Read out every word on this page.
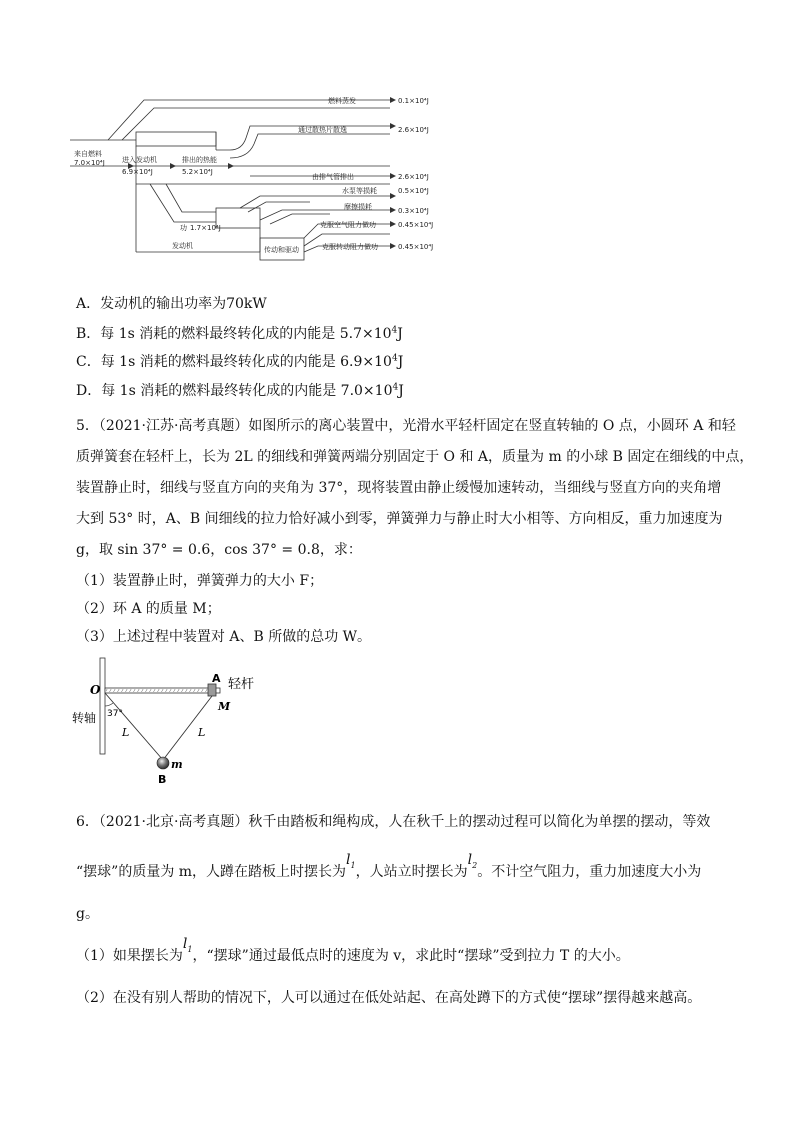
来自燃料
7.0×10⁴J 进入发动机
6.9×10⁴J
排出的热能
5.2×10⁴J
功 1.7×10⁴J
发动机	传动和驱动
燃料蒸发	0.1×10⁴J
通过散热片散逸	2.6×10⁴J
由排气管排出	2.6×10⁴J
水泵等损耗	0.5×10⁴J
摩擦损耗	0.3×10⁴J
克服空气阻力做功	0.45×10⁴J
克服转动阻力做功	0.45×10⁴J
A．发动机的输出功率为70kW
B．每 1s 消耗的燃料最终转化成的内能是 $5.7\times 10^4J$
C．每 1s 消耗的燃料最终转化成的内能是 $6.9\times 10^4J$
D．每 1s 消耗的燃料最终转化成的内能是 $7.0\times 10^4J$
5．（2021·江苏·高考真题）如图所示的离心装置中，光滑水平轻杆固定在竖直转轴的 O 点，小圆环 A 和轻
质弹簧套在轻杆上，长为 2L 的细线和弹簧两端分别固定于 O 和 A，质量为 m 的小球 B 固定在细线的中点，
装置静止时，细线与竖直方向的夹角为 37°，现将装置由静止缓慢加速转动，当细线与竖直方向的夹角增
大到 53° 时，A、B 间细线的拉力恰好减小到零，弹簧弹力与静止时大小相等、方向相反，重力加速度为
g，取 sin 37° = 0.6，cos 37° = 0.8，求：
（1）装置静止时，弹簧弹力的大小 F；
（2）环 A 的质量 M；
（3）上述过程中装置对 A、B 所做的总功 W。
A 轻杆
O
转轴 37°
M
L	L
m
B
6．（2021·北京·高考真题）秋千由踏板和绳构成，人在秋千上的摆动过程可以简化为单摆的摆动，等效
“摆球”的质量为 m，人蹲在踏板上时摆长为$l_1$，人站立时摆长为$l_2$。不计空气阻力，重力加速度大小为
g。
（1）如果摆长为$l_1$，“摆球”通过最低点时的速度为 v，求此时“摆球”受到拉力 T 的大小。
（2）在没有别人帮助的情况下，人可以通过在低处站起、在高处蹲下的方式使“摆球”摆得越来越高。
